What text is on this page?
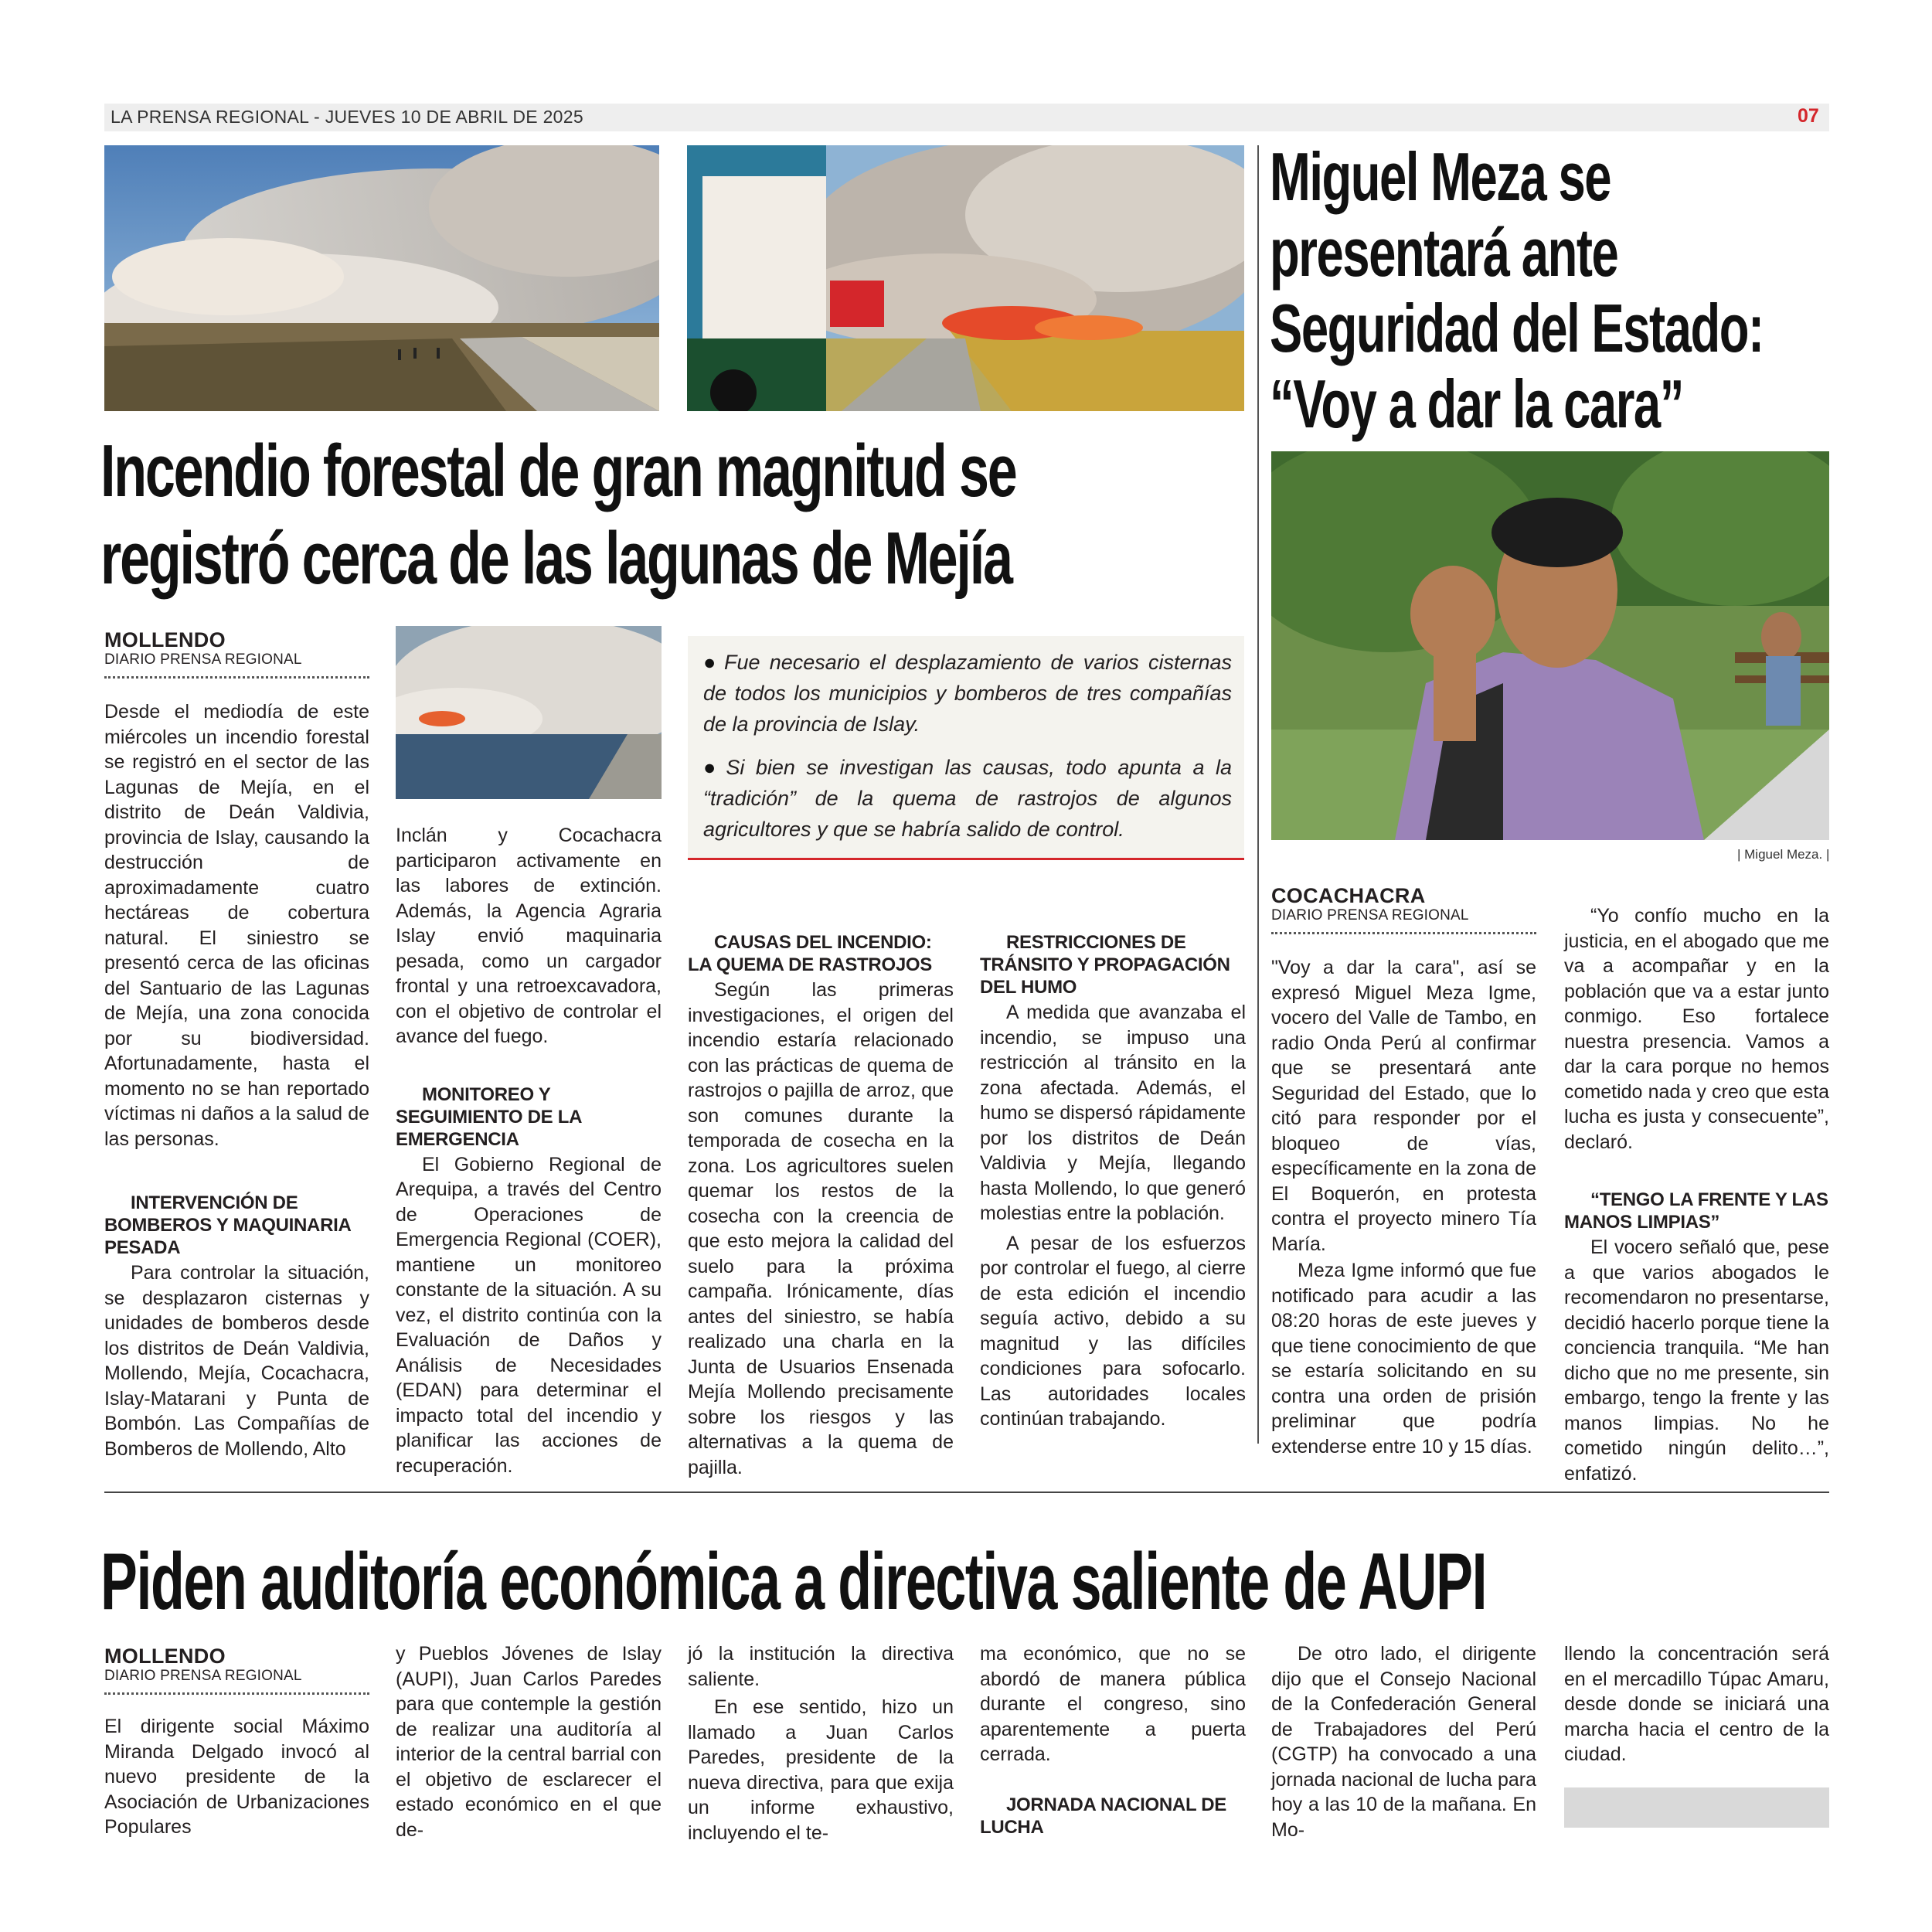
LA PRENSA REGIONAL - JUEVES 10 DE ABRIL DE 2025	07
Incendio forestal de gran magnitud se
registró cerca de las lagunas de Mejía
MOLLENDO
DIARIO PRENSA REGIONAL

Desde el mediodía de este miércoles un incendio forestal se registró en el sector de las Lagunas de Mejía, en el distrito de Deán Valdivia, provincia de Islay, causando la destrucción de aproximadamente cuatro hectáreas de cobertura natural. El siniestro se presentó cerca de las oficinas del Santuario de las Lagunas de Mejía, una zona conocida por su biodiversidad. Afortunadamente, hasta el momento no se han reportado víctimas ni daños a la salud de las personas.

INTERVENCIÓN DE BOMBEROS Y MAQUINARIA PESADA

Para controlar la situación, se desplazaron cisternas y unidades de bomberos desde los distritos de Deán Valdivia, Mollendo, Mejía, Cocachacra, Islay-Matarani y Punta de Bombón. Las Compañías de Bomberos de Mollendo, Alto

Inclán y Cocachacra participaron activamente en las labores de extinción. Además, la Agencia Agraria Islay envió maquinaria pesada, como un cargador frontal y una retroexcavadora, con el objetivo de controlar el avance del fuego.

MONITOREO Y SEGUIMIENTO DE LA EMERGENCIA

El Gobierno Regional de Arequipa, a través del Centro de Operaciones de Emergencia Regional (COER), mantiene un monitoreo constante de la situación. A su vez, el distrito continúa con la Evaluación de Daños y Análisis de Necesidades (EDAN) para determinar el impacto total del incendio y planificar las acciones de recuperación.

● Fue necesario el desplazamiento de varios cisternas de todos los municipios y bomberos de tres compañías de la provincia de Islay.

● Si bien se investigan las causas, todo apunta a la “tradición” de la quema de rastrojos de algunos agricultores y que se habría salido de control.

CAUSAS DEL INCENDIO: LA QUEMA DE RASTROJOS

Según las primeras investigaciones, el origen del incendio estaría relacionado con las prácticas de quema de rastrojos o pajilla de arroz, que son comunes durante la temporada de cosecha en la zona. Los agricultores suelen quemar los restos de la cosecha con la creencia de que esto mejora la calidad del suelo para la próxima campaña. Irónicamente, días antes del siniestro, se había realizado una charla en la Junta de Usuarios Ensenada Mejía Mollendo precisamente sobre los riesgos y las alternativas a la quema de pajilla.

RESTRICCIONES DE TRÁNSITO Y PROPAGACIÓN DEL HUMO

A medida que avanzaba el incendio, se impuso una restricción al tránsito en la zona afectada. Además, el humo se dispersó rápidamente por los distritos de Deán Valdivia y Mejía, llegando hasta Mollendo, lo que generó molestias entre la población.

A pesar de los esfuerzos por controlar el fuego, al cierre de esta edición el incendio seguía activo, debido a su magnitud y las difíciles condiciones para sofocarlo. Las autoridades locales continúan trabajando.

Miguel Meza se
presentará ante
Seguridad del Estado:
“Voy a dar la cara”
| Miguel Meza. |
COCACHACRA
DIARIO PRENSA REGIONAL

"Voy a dar la cara", así se expresó Miguel Meza Igme, vocero del Valle de Tambo, en radio Onda Perú al confirmar que se presentará ante Seguridad del Estado, que lo citó para responder por el bloqueo de vías, específicamente en la zona de El Boquerón, en protesta contra el proyecto minero Tía María.

Meza Igme informó que fue notificado para acudir a las 08:20 horas de este jueves y que tiene conocimiento de que se estaría solicitando en su contra una orden de prisión preliminar que podría extenderse entre 10 y 15 días.

“Yo confío mucho en la justicia, en el abogado que me va a acompañar y en la población que va a estar junto conmigo. Eso fortalece nuestra presencia. Vamos a dar la cara porque no hemos cometido nada y creo que esta lucha es justa y consecuente”, declaró.

“TENGO LA FRENTE Y LAS MANOS LIMPIAS”

El vocero señaló que, pese a que varios abogados le recomendaron no presentarse, decidió hacerlo porque tiene la conciencia tranquila. “Me han dicho que no me presente, sin embargo, tengo la frente y las manos limpias. No he cometido ningún delito…”, enfatizó.

Piden auditoría económica a directiva saliente de AUPI
MOLLENDO
DIARIO PRENSA REGIONAL

El dirigente social Máximo Miranda Delgado invocó al nuevo presidente de la Asociación de Urbanizaciones Populares

y Pueblos Jóvenes de Islay (AUPI), Juan Carlos Paredes para que contemple la gestión de realizar una auditoría al interior de la central barrial con el objetivo de esclarecer el estado económico en el que de-

jó la institución la directiva saliente.

En ese sentido, hizo un llamado a Juan Carlos Paredes, presidente de la nueva directiva, para que exija un informe exhaustivo, incluyendo el te-

ma económico, que no se abordó de manera pública durante el congreso, sino aparentemente a puerta cerrada.

JORNADA NACIONAL DE LUCHA

De otro lado, el dirigente dijo que el Consejo Nacional de la Confederación General de Trabajadores del Perú (CGTP) ha convocado a una jornada nacional de lucha para hoy a las 10 de la mañana. En Mo-

llendo la concentración será en el mercadillo Túpac Amaru, desde donde se iniciará una marcha hacia el centro de la ciudad.
